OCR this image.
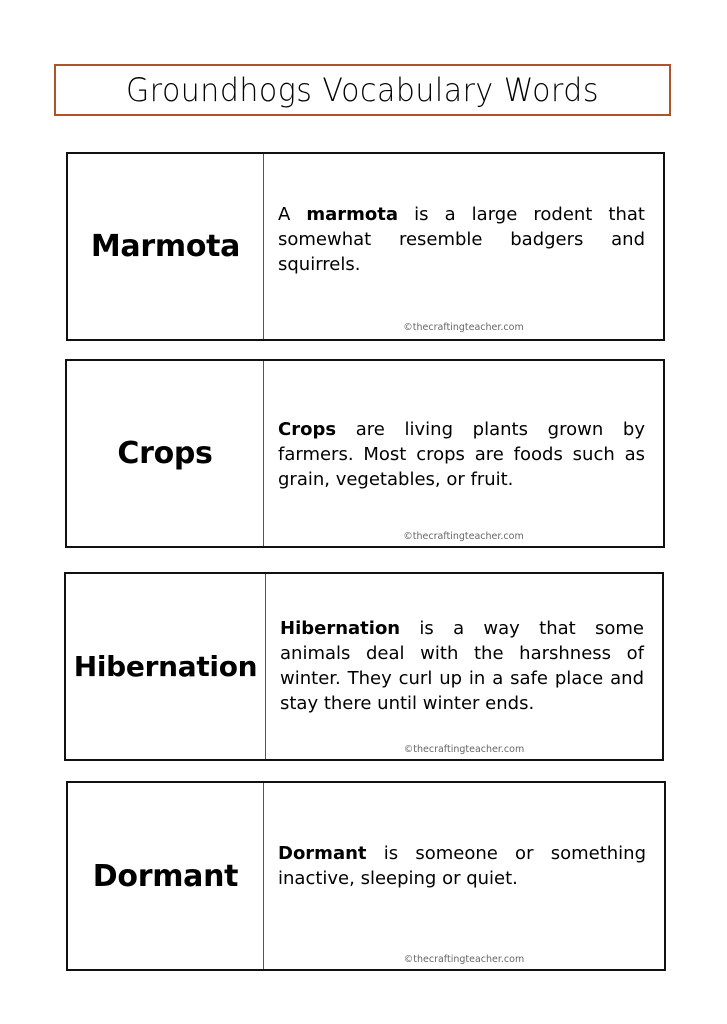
Groundhogs Vocabulary Words
Marmota
A marmota is a large rodent that somewhat resemble badgers and squirrels.
©thecraftingteacher.com
Crops
Crops are living plants grown by farmers. Most crops are foods such as grain, vegetables, or fruit.
©thecraftingteacher.com
Hibernation
Hibernation is a way that some animals deal with the harshness of winter. They curl up in a safe place and stay there until winter ends.
©thecraftingteacher.com
Dormant
Dormant is someone or something inactive, sleeping or quiet.
©thecraftingteacher.com
